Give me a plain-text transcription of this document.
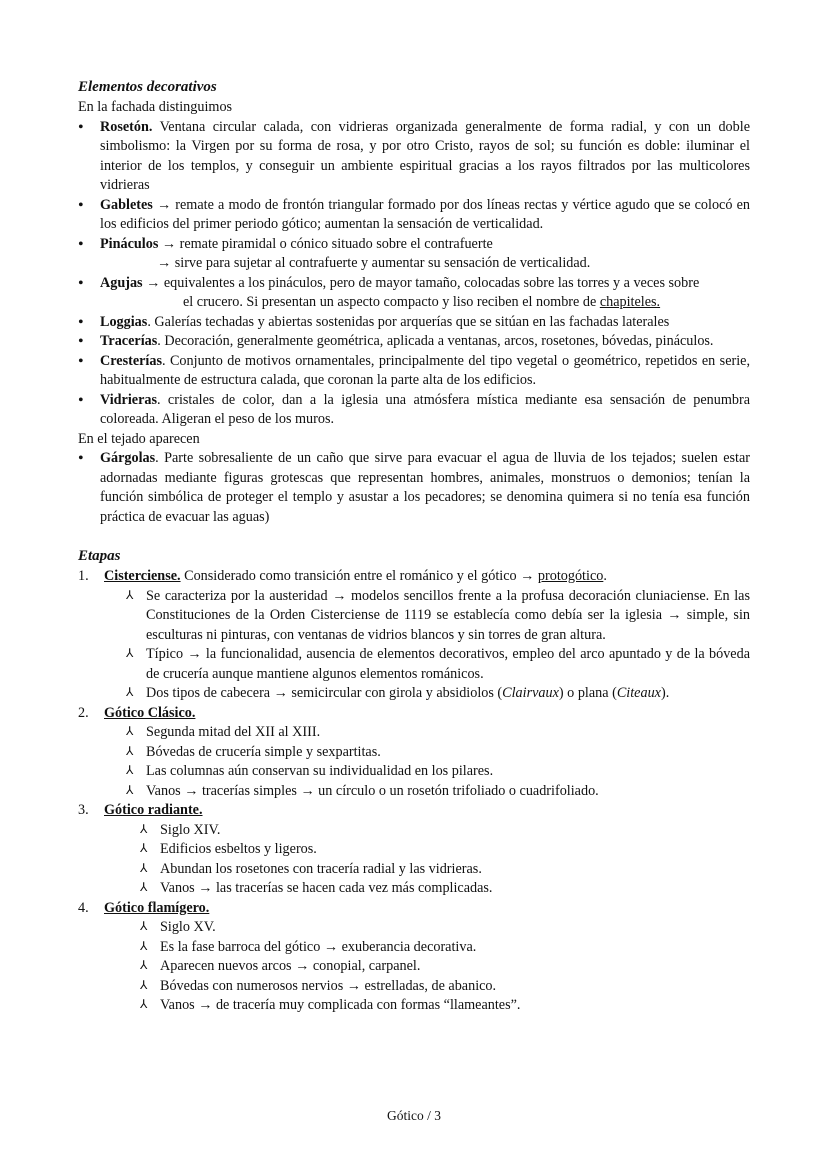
Elementos decorativos

En la fachada distinguimos

• Rosetón. Ventana circular calada, con vidrieras organizada generalmente de forma radial, y con un doble simbolismo: la Virgen por su forma de rosa, y por otro Cristo, rayos de sol; su función es doble: iluminar el interior de los templos, y conseguir un ambiente espiritual gracias a los rayos filtrados por las multicolores vidrieras
• Gabletes → remate a modo de frontón triangular formado por dos líneas rectas y vértice agudo que se colocó en los edificios del primer periodo gótico; aumentan la sensación de verticalidad.
• Pináculos → remate piramidal o cónico situado sobre el contrafuerte
→ sirve para sujetar al contrafuerte y aumentar su sensación de verticalidad.
• Agujas → equivalentes a los pináculos, pero de mayor tamaño, colocadas sobre las torres y a veces sobre
el crucero. Si presentan un aspecto compacto y liso reciben el nombre de chapiteles.
• Loggias. Galerías techadas y abiertas sostenidas por arquerías que se sitúan en las fachadas laterales
• Tracerías. Decoración, generalmente geométrica, aplicada a ventanas, arcos, rosetones, bóvedas, pináculos.
• Cresterías. Conjunto de motivos ornamentales, principalmente del tipo vegetal o geométrico, repetidos en serie, habitualmente de estructura calada, que coronan la parte alta de los edificios.
• Vidrieras. cristales de color, dan a la iglesia una atmósfera mística mediante esa sensación de penumbra coloreada. Aligeran el peso de los muros.

En el tejado aparecen

• Gárgolas. Parte sobresaliente de un caño que sirve para evacuar el agua de lluvia de los tejados; suelen estar adornadas mediante figuras grotescas que representan hombres, animales, monstruos o demonios; tenían la función simbólica de proteger el templo y asustar a los pecadores; se denomina quimera si no tenía esa función práctica de evacuar las aguas)

Etapas

1. Cisterciense. Considerado como transición entre el románico y el gótico → protogótico.
⅄ Se caracteriza por la austeridad → modelos sencillos frente a la profusa decoración cluniaciense. En las Constituciones de la Orden Cisterciense de 1119 se establecía como debía ser la iglesia → simple, sin esculturas ni pinturas, con ventanas de vidrios blancos y sin torres de gran altura.
⅄ Típico → la funcionalidad, ausencia de elementos decorativos, empleo del arco apuntado y de la bóveda de crucería aunque mantiene algunos elementos románicos.
⅄ Dos tipos de cabecera → semicircular con girola y absidiolos (Clairvaux) o plana (Citeaux).
2. Gótico Clásico.
⅄ Segunda mitad del XII al XIII.
⅄ Bóvedas de crucería simple y sexpartitas.
⅄ Las columnas aún conservan su individualidad en los pilares.
⅄ Vanos → tracerías simples → un círculo o un rosetón trifoliado o cuadrifoliado.
3. Gótico radiante.
⅄ Siglo XIV.
⅄ Edificios esbeltos y ligeros.
⅄ Abundan los rosetones con tracería radial y las vidrieras.
⅄ Vanos → las tracerías se hacen cada vez más complicadas.
4. Gótico flamígero.
⅄ Siglo XV.
⅄ Es la fase barroca del gótico → exuberancia decorativa.
⅄ Aparecen nuevos arcos → conopial, carpanel.
⅄ Bóvedas con numerosos nervios → estrelladas, de abanico.
⅄ Vanos → de tracería muy complicada con formas “llameantes”.
Gótico / 3
